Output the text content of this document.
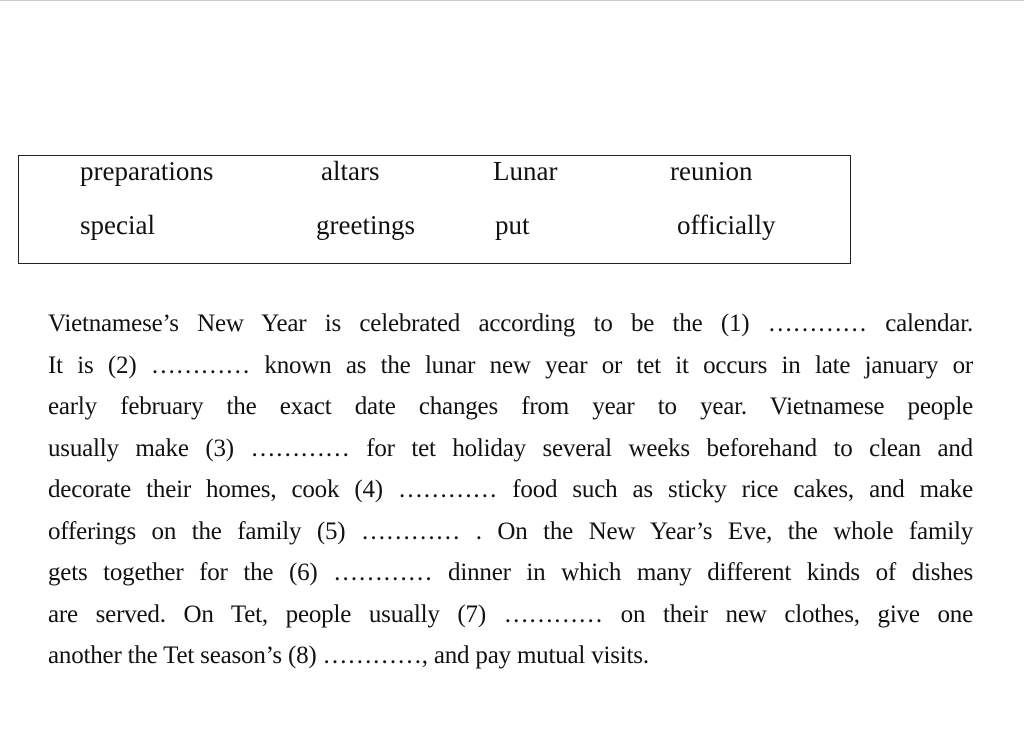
preparations	altars	Lunar	reunion
special	greetings	put	officially
Vietnamese’s New Year is celebrated according to be the (1) ………… calendar.
It is (2) ………… known as the lunar new year or tet it occurs in late january or
early february the exact date changes from year to year. Vietnamese people
usually make (3) ………… for tet holiday several weeks beforehand to clean and
decorate their homes, cook (4) ………… food such as sticky rice cakes, and make
offerings on the family (5) ………… . On the New Year’s Eve, the whole family
gets together for the (6) ………… dinner in which many different kinds of dishes
are served. On Tet, people usually (7) ………… on their new clothes, give one
another the Tet season’s (8) …………, and pay mutual visits.
